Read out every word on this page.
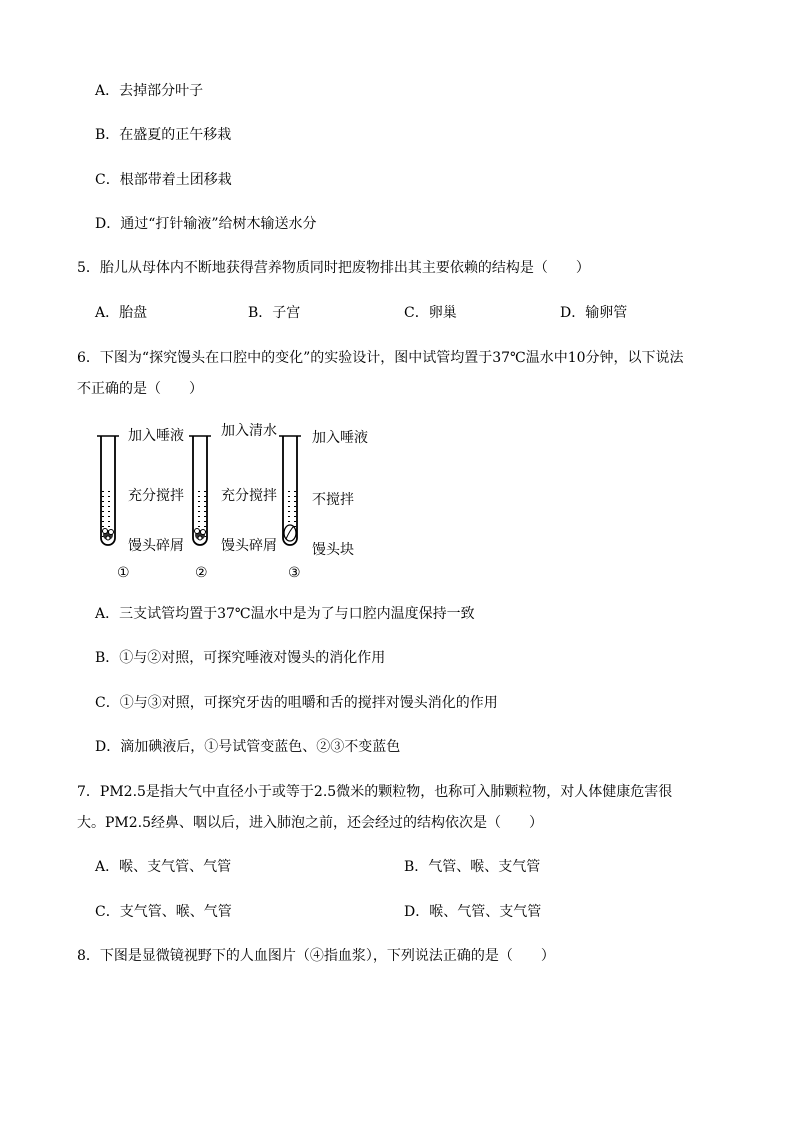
A．去掉部分叶子
B．在盛夏的正午移栽
C．根部带着土团移栽
D．通过“打针输液”给树木输送水分
5．胎儿从母体内不断地获得营养物质同时把废物排出其主要依赖的结构是（　　）
A．胎盘	B．子宫	C．卵巢	D．输卵管
6．下图为“探究馒头在口腔中的变化”的实验设计，图中试管均置于37℃温水中10分钟，以下说法
不正确的是（　　）
加入唾液
充分搅拌
馒头碎屑
①
加入清水
充分搅拌
馒头碎屑
②
加入唾液
不搅拌
馒头块
③
A．三支试管均置于37℃温水中是为了与口腔内温度保持一致
B．①与②对照，可探究唾液对馒头的消化作用
C．①与③对照，可探究牙齿的咀嚼和舌的搅拌对馒头消化的作用
D．滴加碘液后，①号试管变蓝色、②③不变蓝色
7．PM2.5是指大气中直径小于或等于2.5微米的颗粒物，也称可入肺颗粒物，对人体健康危害很
大。PM2.5经鼻、咽以后，进入肺泡之前，还会经过的结构依次是（　　）
A．喉、支气管、气管	B．气管、喉、支气管
C．支气管、喉、气管	D．喉、气管、支气管
8．下图是显微镜视野下的人血图片（④指血浆），下列说法正确的是（　　）
